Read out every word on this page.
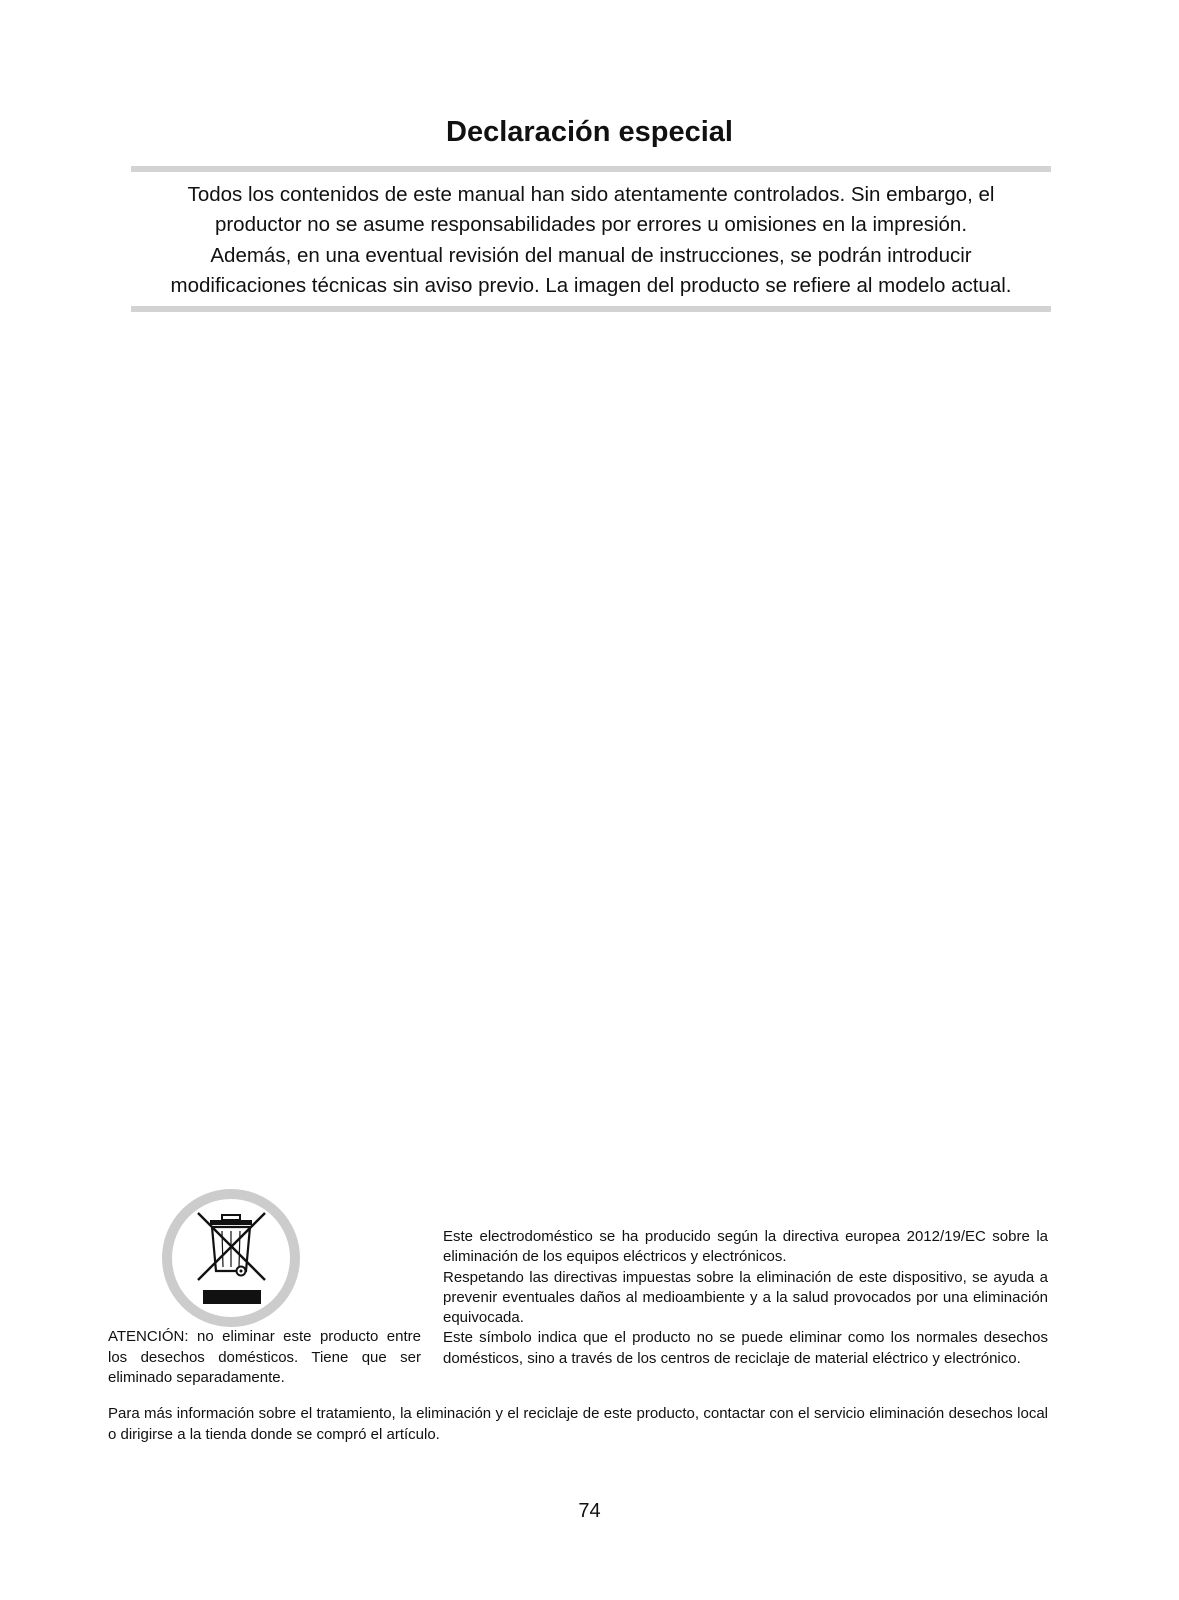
Declaración especial

Todos los contenidos de este manual han sido atentamente controlados. Sin embargo, el
productor no se asume responsabilidades por errores u omisiones en la impresión.
Además, en una eventual revisión del manual de instrucciones, se podrán introducir
modificaciones técnicas sin aviso previo. La imagen del producto se refiere al modelo actual.

ATENCIÓN: no eliminar este producto entre los desechos domésticos. Tiene que ser eliminado separadamente.

Este electrodoméstico se ha producido según la directiva europea 2012/19/EC sobre la eliminación de los equipos eléctricos y electrónicos.

Respetando las directivas impuestas sobre la eliminación de este dispositivo, se ayuda a prevenir eventuales daños al medioambiente y a la salud provocados por una eliminación equivocada.

Este símbolo indica que el producto no se puede eliminar como los normales desechos domésticos, sino a través de los centros de reciclaje de material eléctrico y electrónico.

Para más información sobre el tratamiento, la eliminación y el reciclaje de este producto, contactar con el servicio eliminación desechos local o dirigirse a la tienda donde se compró el artículo.

74
